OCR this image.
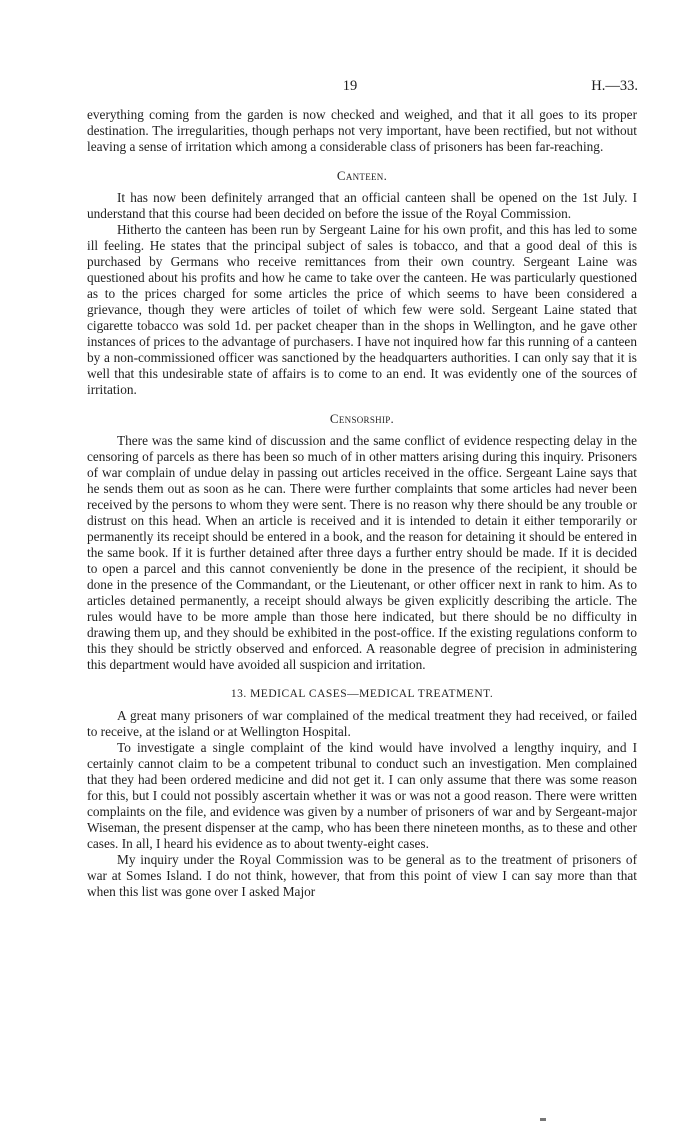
19	H.—33.

everything coming from the garden is now checked and weighed, and that it all goes to its proper destination. The irregularities, though perhaps not very important, have been rectified, but not without leaving a sense of irritation which among a considerable class of prisoners has been far-reaching.

Canteen.

It has now been definitely arranged that an official canteen shall be opened on the 1st July. I understand that this course had been decided on before the issue of the Royal Commission.

Hitherto the canteen has been run by Sergeant Laine for his own profit, and this has led to some ill feeling. He states that the principal subject of sales is tobacco, and that a good deal of this is purchased by Germans who receive remittances from their own country. Sergeant Laine was questioned about his profits and how he came to take over the canteen. He was particularly questioned as to the prices charged for some articles the price of which seems to have been considered a grievance, though they were articles of toilet of which few were sold. Sergeant Laine stated that cigarette tobacco was sold 1d. per packet cheaper than in the shops in Wellington, and he gave other instances of prices to the advantage of purchasers. I have not inquired how far this running of a canteen by a non-commissioned officer was sanctioned by the headquarters authorities. I can only say that it is well that this undesirable state of affairs is to come to an end. It was evidently one of the sources of irritation.

Censorship.

There was the same kind of discussion and the same conflict of evidence respecting delay in the censoring of parcels as there has been so much of in other matters arising during this inquiry. Prisoners of war complain of undue delay in passing out articles received in the office. Sergeant Laine says that he sends them out as soon as he can. There were further complaints that some articles had never been received by the persons to whom they were sent. There is no reason why there should be any trouble or distrust on this head. When an article is received and it is intended to detain it either temporarily or permanently its receipt should be entered in a book, and the reason for detaining it should be entered in the same book. If it is further detained after three days a further entry should be made. If it is decided to open a parcel and this cannot conveniently be done in the presence of the recipient, it should be done in the presence of the Commandant, or the Lieutenant, or other officer next in rank to him. As to articles detained permanently, a receipt should always be given explicitly describing the article. The rules would have to be more ample than those here indicated, but there should be no difficulty in drawing them up, and they should be exhibited in the post-office. If the existing regulations conform to this they should be strictly observed and enforced. A reasonable degree of precision in administering this department would have avoided all suspicion and irritation.

13. MEDICAL CASES—MEDICAL TREATMENT.

A great many prisoners of war complained of the medical treatment they had received, or failed to receive, at the island or at Wellington Hospital.

To investigate a single complaint of the kind would have involved a lengthy inquiry, and I certainly cannot claim to be a competent tribunal to conduct such an investigation. Men complained that they had been ordered medicine and did not get it. I can only assume that there was some reason for this, but I could not possibly ascertain whether it was or was not a good reason. There were written complaints on the file, and evidence was given by a number of prisoners of war and by Sergeant-major Wiseman, the present dispenser at the camp, who has been there nineteen months, as to these and other cases. In all, I heard his evidence as to about twenty-eight cases.

My inquiry under the Royal Commission was to be general as to the treatment of prisoners of war at Somes Island. I do not think, however, that from this point of view I can say more than that when this list was gone over I asked Major
